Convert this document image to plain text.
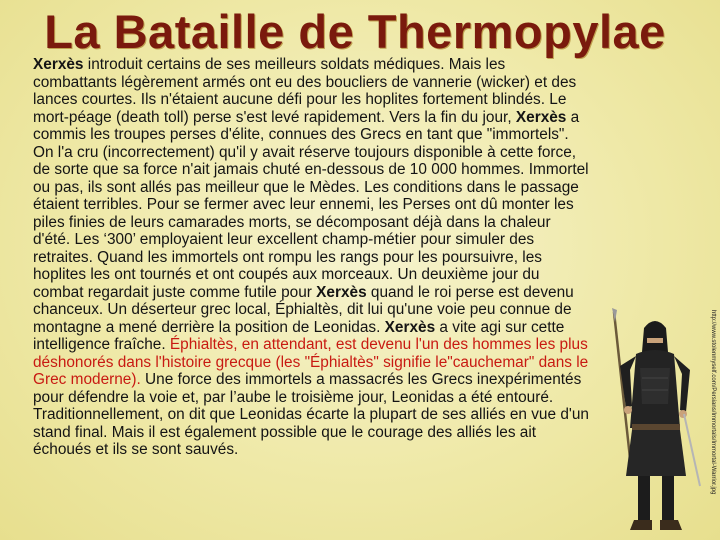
La Bataille de Thermopylae

Xerxès introduit certains de ses meilleurs soldats médiques. Mais les combattants légèrement armés ont eu des boucliers de vannerie (wicker) et des lances courtes. Ils n'étaient aucune défi pour les hoplites fortement blindés. Le mort-péage (death toll) perse s'est levé rapidement. Vers la fin du jour, Xerxès a commis les troupes perses d'élite, connues des Grecs en tant que "immortels". On l'a cru (incorrectement) qu'il y avait réserve toujours disponible à cette force, de sorte que sa force n'ait jamais chuté en-dessous de 10 000 hommes. Immortel ou pas, ils sont allés pas meilleur que le Mèdes. Les conditions dans le passage étaient terribles. Pour se fermer avec leur ennemi, les Perses ont dû monter les piles finies de leurs camarades morts, se décomposant déjà dans la chaleur d'été. Les ‘300’ employaient leur excellent champ-métier pour simuler des retraites. Quand les immortels ont rompu les rangs pour les poursuivre, les hoplites les ont tournés et ont coupés aux morceaux. Un deuxième jour du combat regardait juste comme futile pour Xerxès quand le roi perse est devenu chanceux. Un déserteur grec local, Éphialtès, dit lui qu'une voie peu connue de montagne a mené derrière la position de Leonidas. Xerxès a vite agi sur cette intelligence fraîche. Éphialtès, en attendant, est devenu l'un des hommes les plus déshonorés dans l'histoire grecque (les "Éphialtès" signifie le"cauchemar" dans le Grec moderne). Une force des immortels a massacrés les Grecs inexpérimentés pour défendre la voie et, par l’aube le troisième jour, Leonidas a été entouré. Traditionnellement, on dit que Leonidas écarte la plupart de ses alliés en vue d'un stand final. Mais il est également possible que le courage des alliés les ait échoués et ils se sont sauvés.	http://www.stolenmyself.com/Persians/Immortals/Immortal-Warrior.jpg
